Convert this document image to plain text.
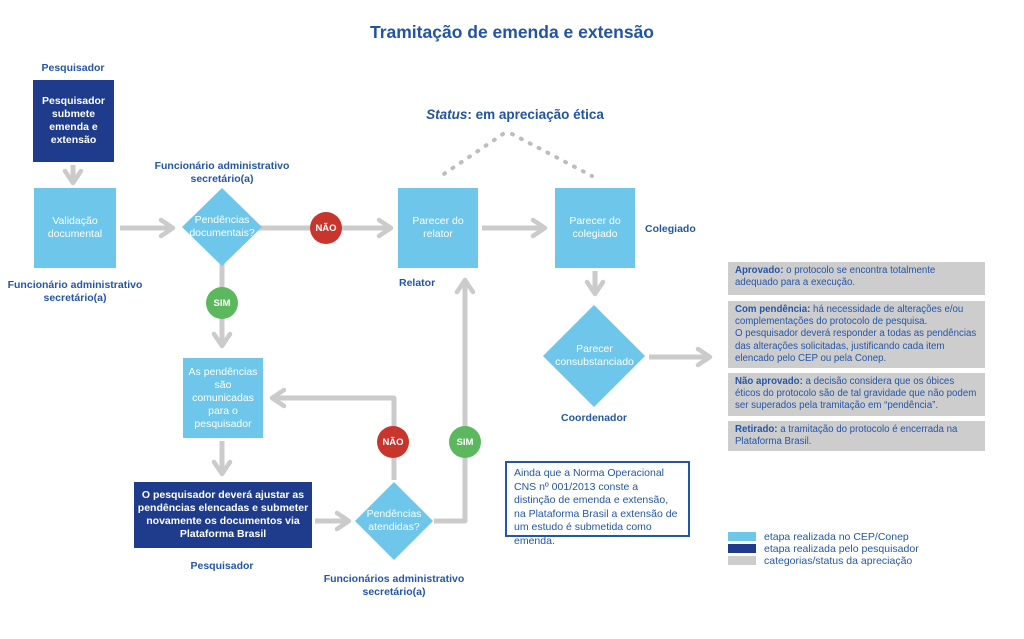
Tramitação de emenda e extensão
Status: em apreciação ética
Pesquisador submete emenda e extensão
Validação documental
Parecer do relator
Parecer do colegiado
As pendências são comunicadas para o pesquisador
O pesquisador deverá ajustar as pendências elencadas e submeter novamente os documentos via Plataforma Brasil
Pendências documentais?
Pendências atendidas?
Parecer consubstanciado
NÃO
SIM
NÃO	SIM
Pesquisador
Funcionário administrativo secretário(a)
Funcionário administrativo secretário(a)
Relator
Colegiado
Coordenador
Pesquisador
Funcionários administrativo secretário(a)
Aprovado: o protocolo se encontra totalmente adequado para a execução.
Com pendência: há necessidade de alterações e/ou complementações do protocolo de pesquisa.
O pesquisador deverá responder a todas as pendências das alterações solicitadas, justificando cada item elencado pelo CEP ou pela Conep.
Não aprovado: a decisão considera que os óbices éticos do protocolo são de tal gravidade que não podem ser superados pela tramitação em “pendência”.
Retirado: a tramitação do protocolo é encerrada na Plataforma Brasil.
Ainda que a Norma Operacional CNS nº 001/2013 conste a distinção de emenda e extensão, na Plataforma Brasil a extensão de um estudo é submetida como emenda.	etapa realizada no CEP/Conep
etapa realizada pelo pesquisador
categorias/status da apreciação
